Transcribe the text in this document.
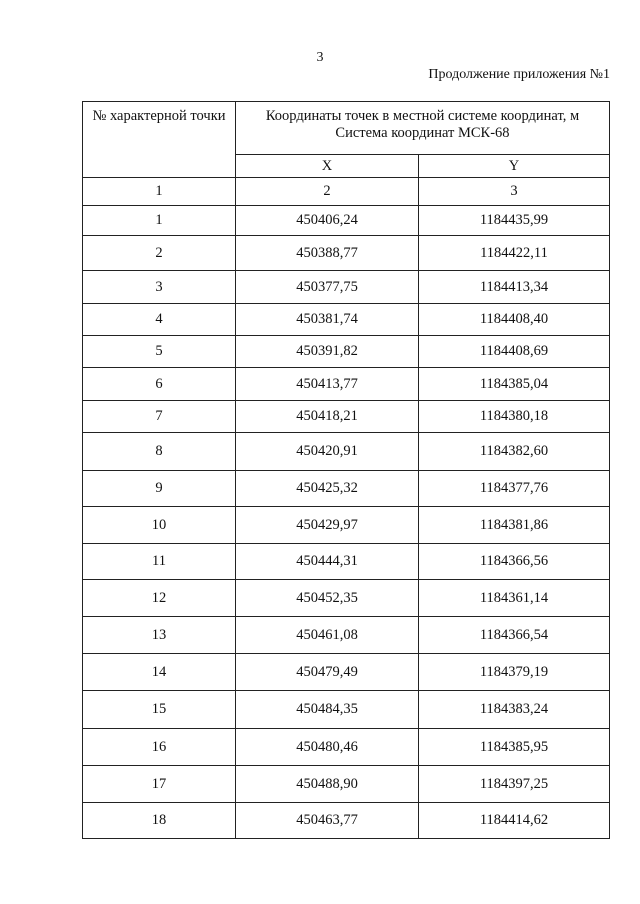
3
Продолжение приложения №1
№ характерной точки	Координаты точек в местной системе координат, м
Система координат МСК-68	

	X	Y
1	2	3
1	450406,24	1184435,99
2	450388,77	1184422,11
3	450377,75	1184413,34
4	450381,74	1184408,40
5	450391,82	1184408,69
6	450413,77	1184385,04
7	450418,21	1184380,18
8	450420,91	1184382,60
9	450425,32	1184377,76
10	450429,97	1184381,86
11	450444,31	1184366,56
12	450452,35	1184361,14
13	450461,08	1184366,54
14	450479,49	1184379,19
15	450484,35	1184383,24
16	450480,46	1184385,95
17	450488,90	1184397,25
18	450463,77	1184414,62
